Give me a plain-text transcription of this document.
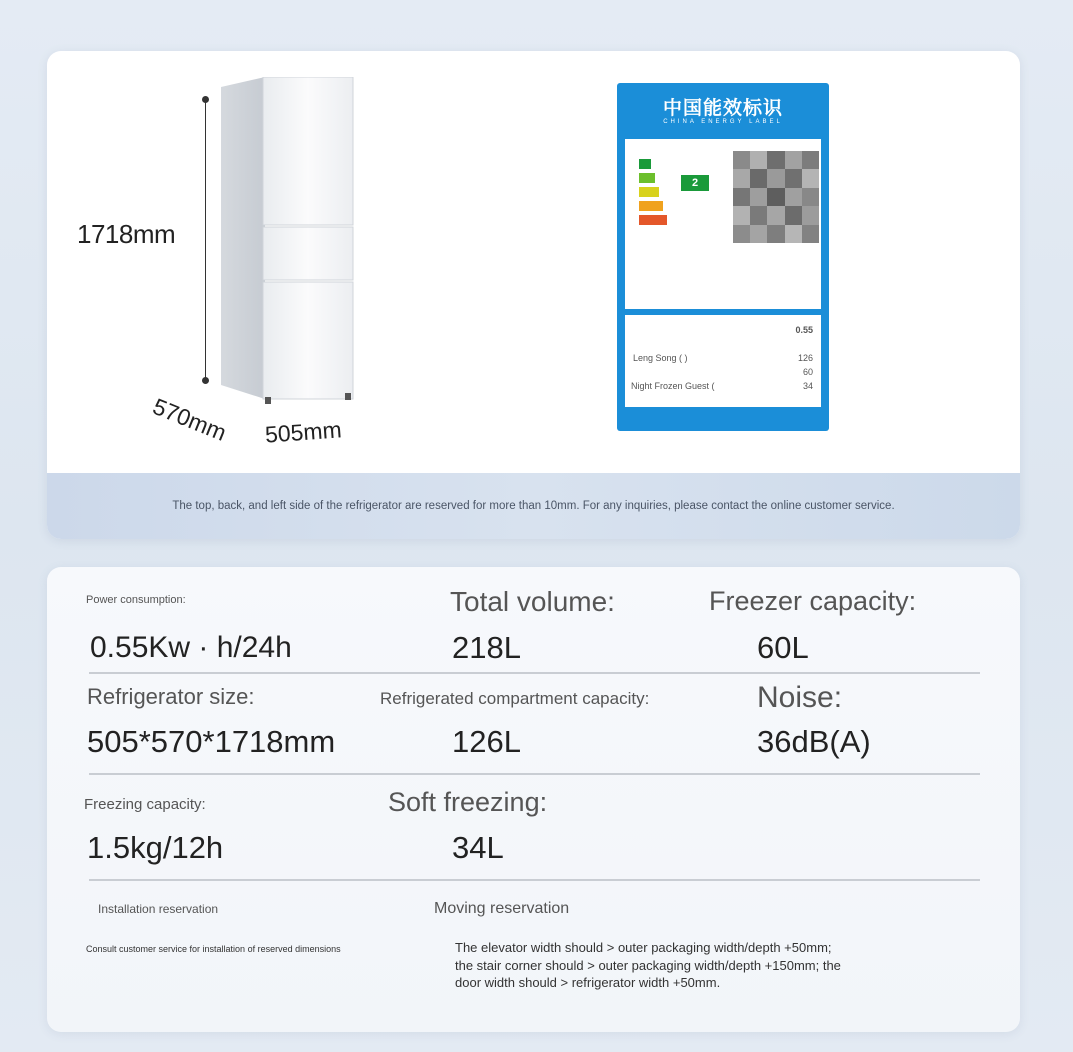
1718mm
570mm 505mm
中国能效标识
CHINA ENERGY LABEL
2
Leng Song ( )	126
60
Night Frozen Guest (	34
0.55
The top, back, and left side of the refrigerator are reserved for more than 10mm. For any inquiries, please contact the online customer service.
Power consumption:
0.55Kw · h/24h
Total volume:
218L
Freezer capacity:
60L
Refrigerator size:
505*570*1718mm
Refrigerated compartment capacity:
126L
Noise:
36dB(A)
Freezing capacity:
1.5kg/12h
Soft freezing:
34L
Installation reservation
Consult customer service for installation of reserved dimensions
Moving reservation
The elevator width should > outer packaging width/depth +50mm; the stair corner should > outer packaging width/depth +150mm; the door width should > refrigerator width +50mm.
